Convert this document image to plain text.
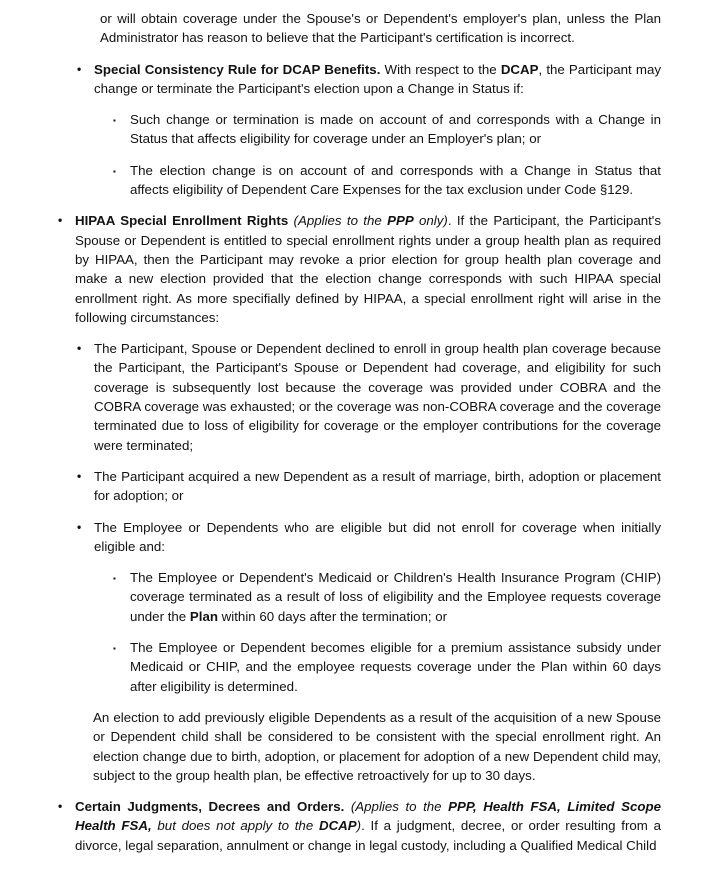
or will obtain coverage under the Spouse's or Dependent's employer's plan, unless the Plan Administrator has reason to believe that the Participant's certification is incorrect.
• Special Consistency Rule for DCAP Benefits. With respect to the DCAP, the Participant may change or terminate the Participant's election upon a Change in Status if:
▪	Such change or termination is made on account of and corresponds with a Change in Status that affects eligibility for coverage under an Employer's plan; or
▪	The election change is on account of and corresponds with a Change in Status that affects eligibility of Dependent Care Expenses for the tax exclusion under Code §129.
• HIPAA Special Enrollment Rights (Applies to the PPP only). If the Participant, the Participant's Spouse or Dependent is entitled to special enrollment rights under a group health plan as required by HIPAA, then the Participant may revoke a prior election for group health plan coverage and make a new election provided that the election change corresponds with such HIPAA special enrollment right. As more specifially defined by HIPAA, a special enrollment right will arise in the following circumstances:
• The Participant, Spouse or Dependent declined to enroll in group health plan coverage because the Participant, the Participant's Spouse or Dependent had coverage, and eligibility for such coverage is subsequently lost because the coverage was provided under COBRA and the COBRA coverage was exhausted; or the coverage was non-COBRA coverage and the coverage terminated due to loss of eligibility for coverage or the employer contributions for the coverage were terminated;
• The Participant acquired a new Dependent as a result of marriage, birth, adoption or placement for adoption; or
• The Employee or Dependents who are eligible but did not enroll for coverage when initially eligible and:
▪	The Employee or Dependent's Medicaid or Children's Health Insurance Program (CHIP) coverage terminated as a result of loss of eligibility and the Employee requests coverage under the Plan within 60 days after the termination; or
▪	The Employee or Dependent becomes eligible for a premium assistance subsidy under Medicaid or CHIP, and the employee requests coverage under the Plan within 60 days after eligibility is determined.
An election to add previously eligible Dependents as a result of the acquisition of a new Spouse or Dependent child shall be considered to be consistent with the special enrollment right. An election change due to birth, adoption, or placement for adoption of a new Dependent child may, subject to the group health plan, be effective retroactively for up to 30 days.
• Certain Judgments, Decrees and Orders. (Applies to the PPP, Health FSA, Limited Scope Health FSA, but does not apply to the DCAP). If a judgment, decree, or order resulting from a divorce, legal separation, annulment or change in legal custody, including a Qualified Medical Child
